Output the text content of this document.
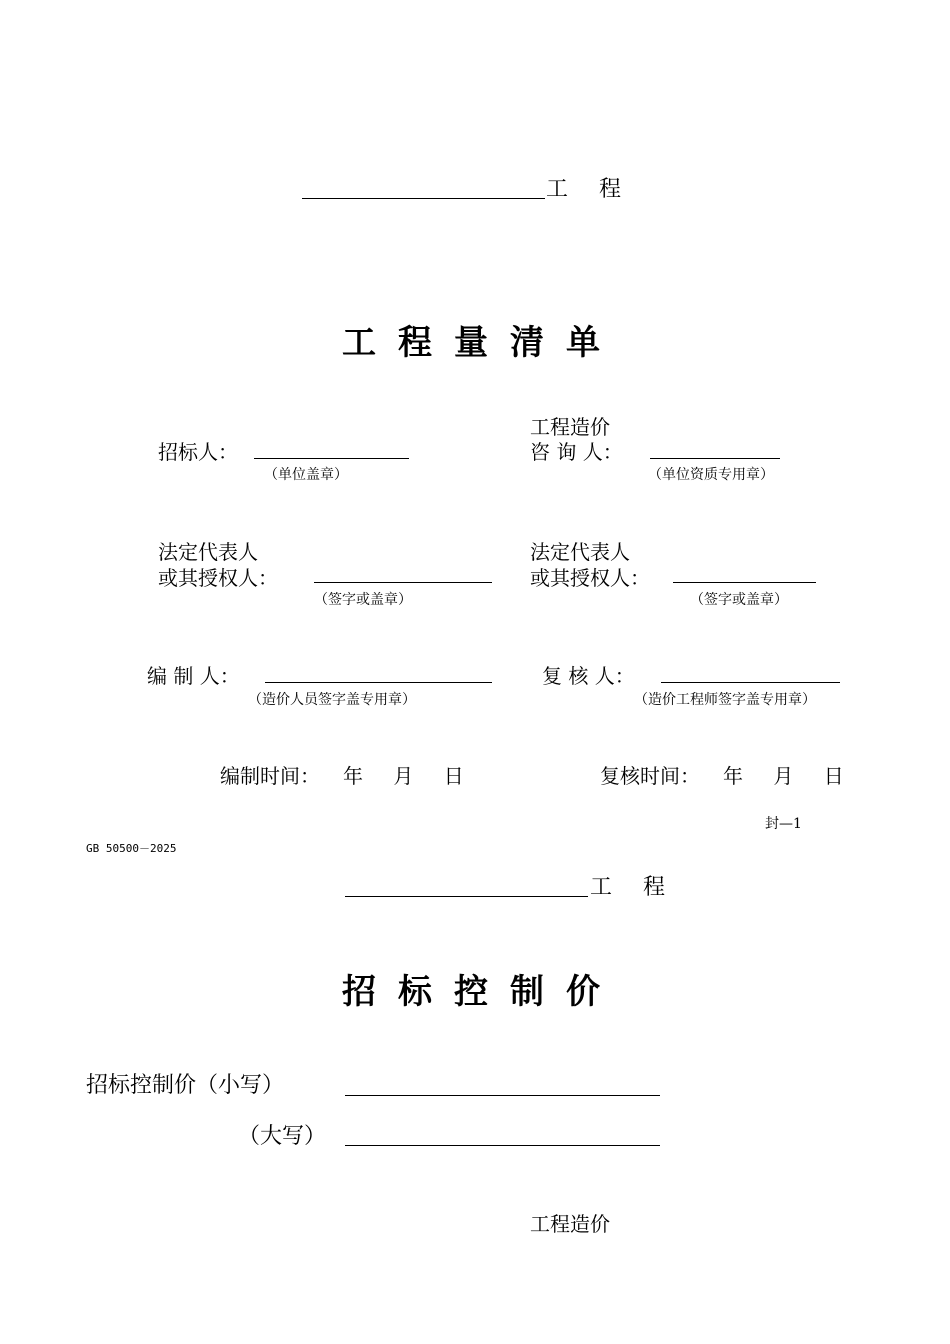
工 程
工程量清单
招标人：
（单位盖章）
工程造价
咨 询 人：
（单位资质专用章）
法定代表人
或其授权人：
（签字或盖章）
法定代表人
或其授权人：
（签字或盖章）
编 制 人：
（造价人员签字盖专用章）
复 核 人：
（造价工程师签字盖专用章）
编制时间： 年 月 日	复核时间： 年 月 日
封—1
GB 50500－2025
工 程
招标控制价
招标控制价（小写）
（大写）
工程造价
